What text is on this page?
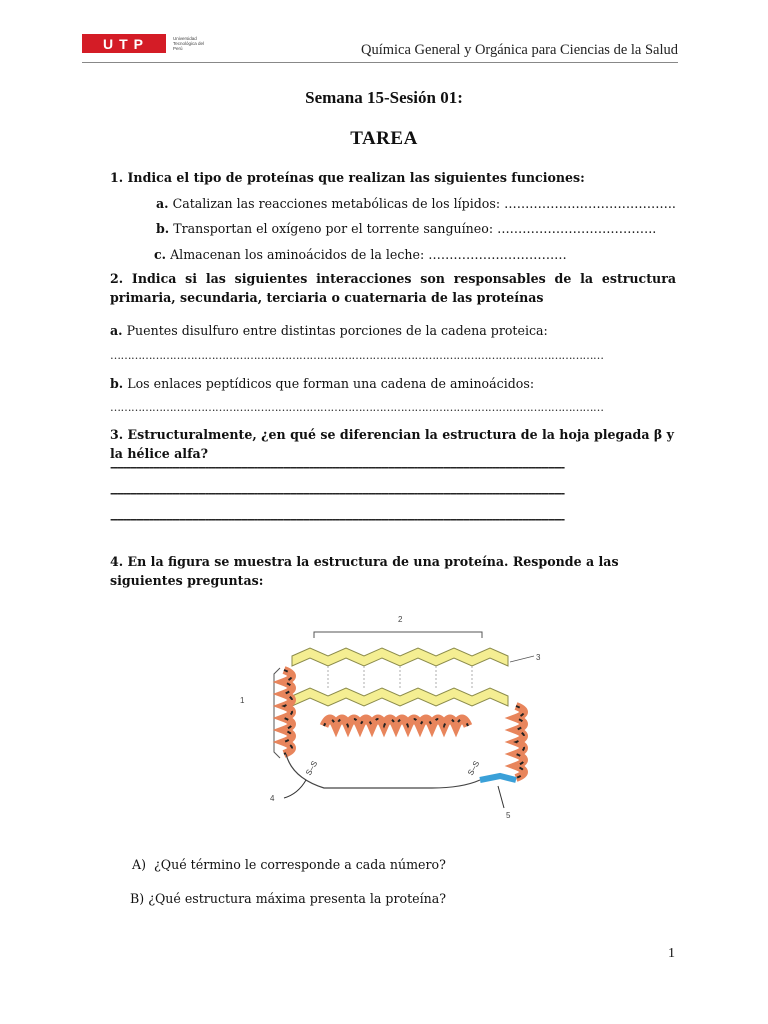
UTP	Universidad Tecnológica del Perú	Química General y Orgánica para Ciencias de la Salud
Semana 15-Sesión 01:
TAREA
1. Indica el tipo de proteínas que realizan las siguientes funciones:
a. Catalizan las reacciones metabólicas de los lípidos: …………………………………..
b. Transportan el oxígeno por el torrente sanguíneo: ………………………………..
c. Almacenan los aminoácidos de la leche: ……………………………
2. Indica si las siguientes interacciones son responsables de la estructura primaria, secundaria, terciaria o cuaternaria de las proteínas
a. Puentes disulfuro entre distintas porciones de la cadena proteica:
……………………………………………………………………………………………………………………………
b. Los enlaces peptídicos que forman una cadena de aminoácidos:
……………………………………………………………………………………………………………………………
3. Estructuralmente, ¿en qué se diferencian la estructura de la hoja plegada β y la hélice alfa?
-------------------------------------------------------------------------------------------------------------------------------------------
-------------------------------------------------------------------------------------------------------------------------------------------
-------------------------------------------------------------------------------------------------------------------------------------------
4. En la figura se muestra la estructura de una proteína. Responde a las siguientes preguntas:
2
3
1
S–S	S–S
4
5
A) ¿Qué término le corresponde a cada número?
B) ¿Qué estructura máxima presenta la proteína?
1
